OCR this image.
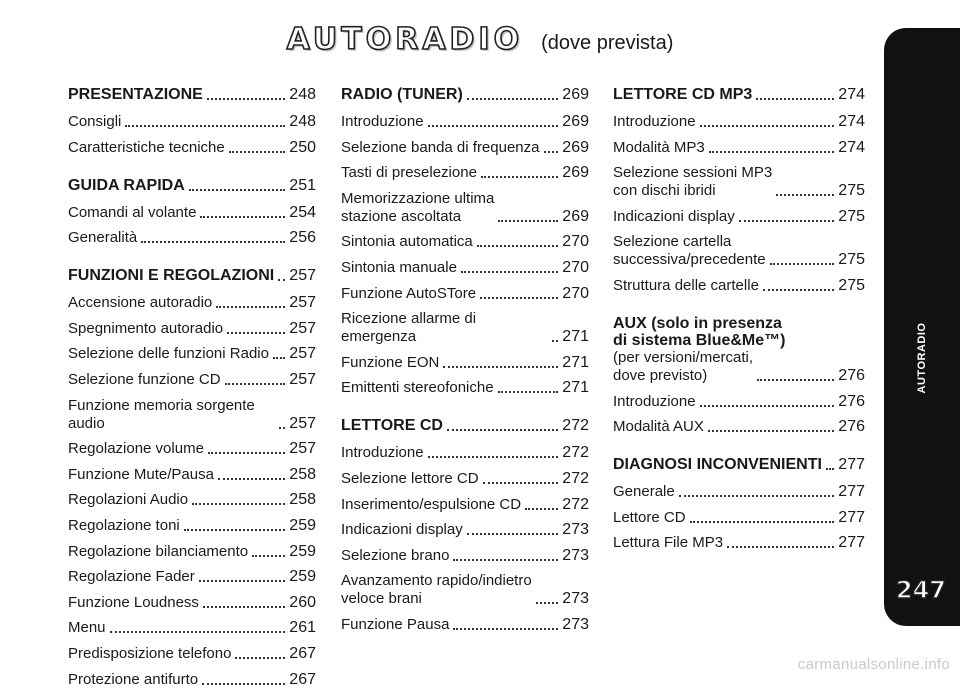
AUTORADIO (dove prevista)
PRESENTAZIONE	248
Consigli	248
Caratteristiche tecniche	250
GUIDA RAPIDA	251
Comandi al volante	254
Generalità	256
FUNZIONI E REGOLAZIONI 257
Accensione autoradio	257
Spegnimento autoradio	257
Selezione delle funzioni Radio 257
Selezione funzione CD	257
Funzione memoria sorgente audio	257
Regolazione volume	257
Funzione Mute/Pausa	258
Regolazioni Audio	258
Regolazione toni	259
Regolazione bilanciamento	259
Regolazione Fader	259
Funzione Loudness	260
Menu	261
Predisposizione telefono	267
Protezione antifurto	267
RADIO (TUNER)	269
Introduzione	269
Selezione banda di frequenza 269
Tasti di preselezione	269
Memorizzazione ultima
stazione ascoltata	269
Sintonia automatica	270
Sintonia manuale	270
Funzione AutoSTore	270
Ricezione allarme di emergenza	271
Funzione EON	271
Emittenti stereofoniche	271
LETTORE CD	272
Introduzione	272
Selezione lettore CD	272
Inserimento/espulsione CD	272
Indicazioni display	273
Selezione brano	273
Avanzamento rapido/indietro
veloce brani	273
Funzione Pausa	273
LETTORE CD MP3	274
Introduzione	274
Modalità MP3	274
Selezione sessioni MP3
con dischi ibridi	275
Indicazioni display	275
Selezione cartella
successiva/precedente	275
Struttura delle cartelle	275
AUX (solo in presenza
di sistema Blue&Me™)
(per versioni/mercati,
dove previsto)	276
Introduzione	276
Modalità AUX	276
DIAGNOSI INCONVENIENTI 277
Generale	277
Lettore CD	277
Lettura File MP3	277
AUTORADIO
247
carmanualsonline.info
